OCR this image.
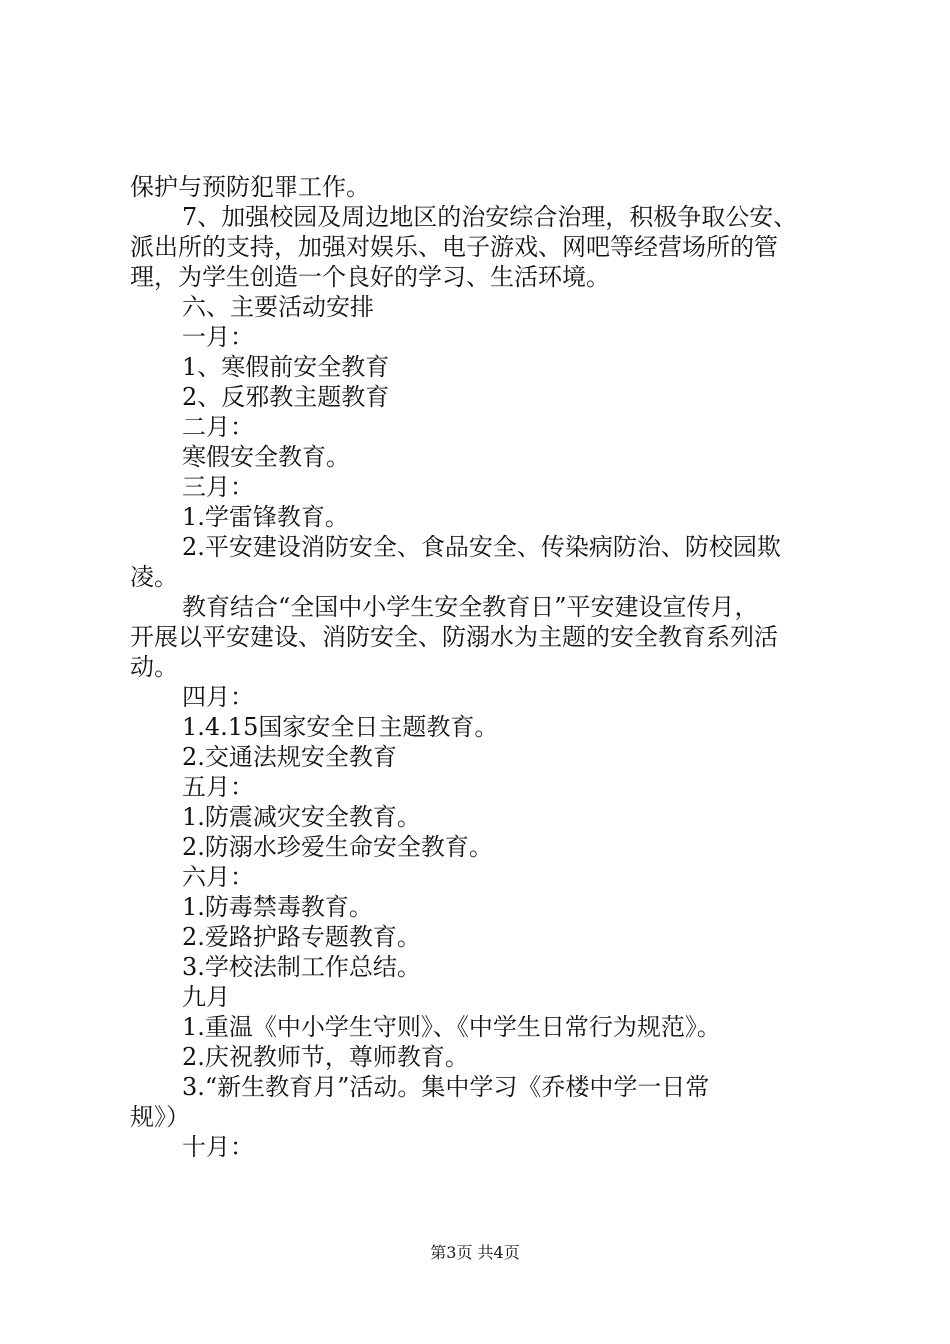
保护与预防犯罪工作。
7、加强校园及周边地区的治安综合治理，积极争取公安、
派出所的支持，加强对娱乐、电子游戏、网吧等经营场所的管
理，为学生创造一个良好的学习、生活环境。
六、主要活动安排
一月：
1、寒假前安全教育
2、反邪教主题教育
二月：
寒假安全教育。
三月：
1.学雷锋教育。
2.平安建设消防安全、食品安全、传染病防治、防校园欺
凌。
教育结合“全国中小学生安全教育日”平安建设宣传月，
开展以平安建设、消防安全、防溺水为主题的安全教育系列活
动。
四月：
1.4.15国家安全日主题教育。
2.交通法规安全教育
五月：
1.防震减灾安全教育。
2.防溺水珍爱生命安全教育。
六月：
1.防毒禁毒教育。
2.爱路护路专题教育。
3.学校法制工作总结。
九月
1.重温《中小学生守则》、《中学生日常行为规范》。
2.庆祝教师节，尊师教育。
3.“新生教育月”活动。集中学习《乔楼中学一日常
规》）
十月：
第3页 共4页
